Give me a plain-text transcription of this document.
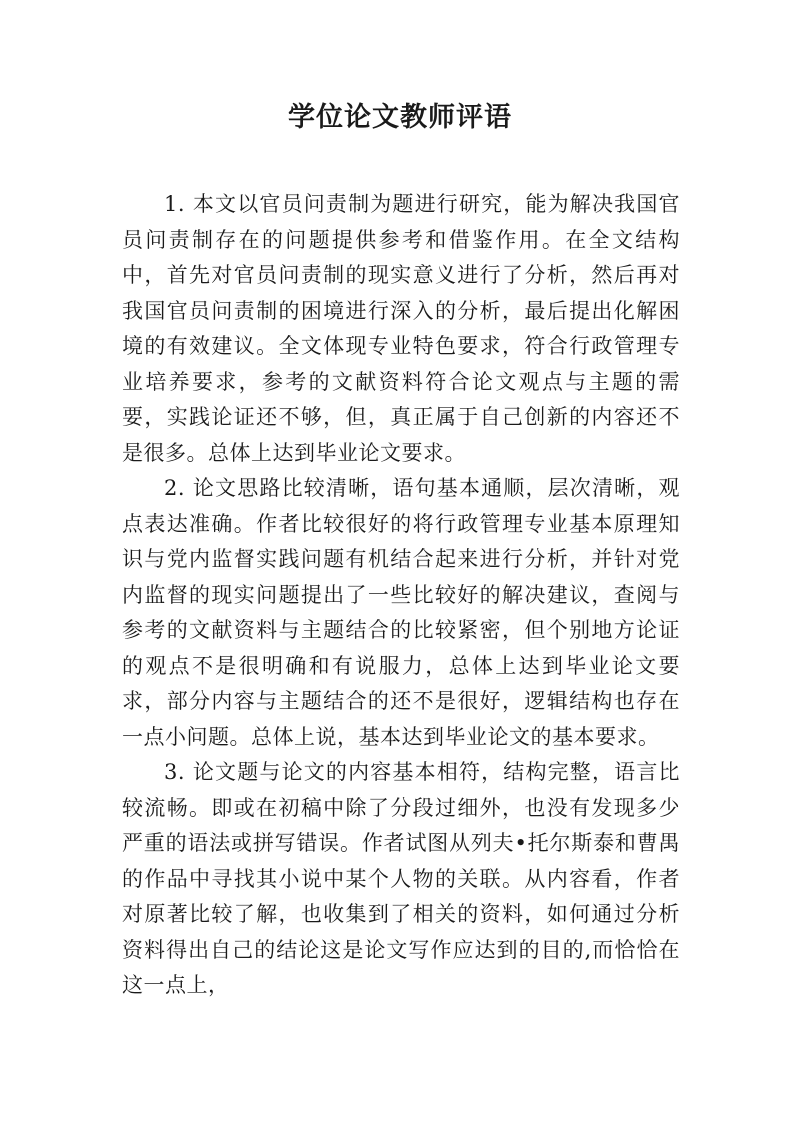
学位论文教师评语

1. 本文以官员问责制为题进行研究，能为解决我国官员问责制存在的问题提供参考和借鉴作用。在全文结构中，首先对官员问责制的现实意义进行了分析，然后再对我国官员问责制的困境进行深入的分析，最后提出化解困境的有效建议。全文体现专业特色要求，符合行政管理专业培养要求，参考的文献资料符合论文观点与主题的需要，实践论证还不够，但，真正属于自己创新的内容还不是很多。总体上达到毕业论文要求。

2. 论文思路比较清晰，语句基本通顺，层次清晰，观点表达准确。作者比较很好的将行政管理专业基本原理知识与党内监督实践问题有机结合起来进行分析，并针对党内监督的现实问题提出了一些比较好的解决建议，查阅与参考的文献资料与主题结合的比较紧密，但个别地方论证的观点不是很明确和有说服力，总体上达到毕业论文要求，部分内容与主题结合的还不是很好，逻辑结构也存在一点小问题。总体上说，基本达到毕业论文的基本要求。

3. 论文题与论文的内容基本相符，结构完整，语言比较流畅。即或在初稿中除了分段过细外，也没有发现多少严重的语法或拼写错误。作者试图从列夫•托尔斯泰和曹禺的作品中寻找其小说中某个人物的关联。从内容看，作者对原著比较了解，也收集到了相关的资料，如何通过分析资料得出自己的结论这是论文写作应达到的目的,而恰恰在这一点上，
